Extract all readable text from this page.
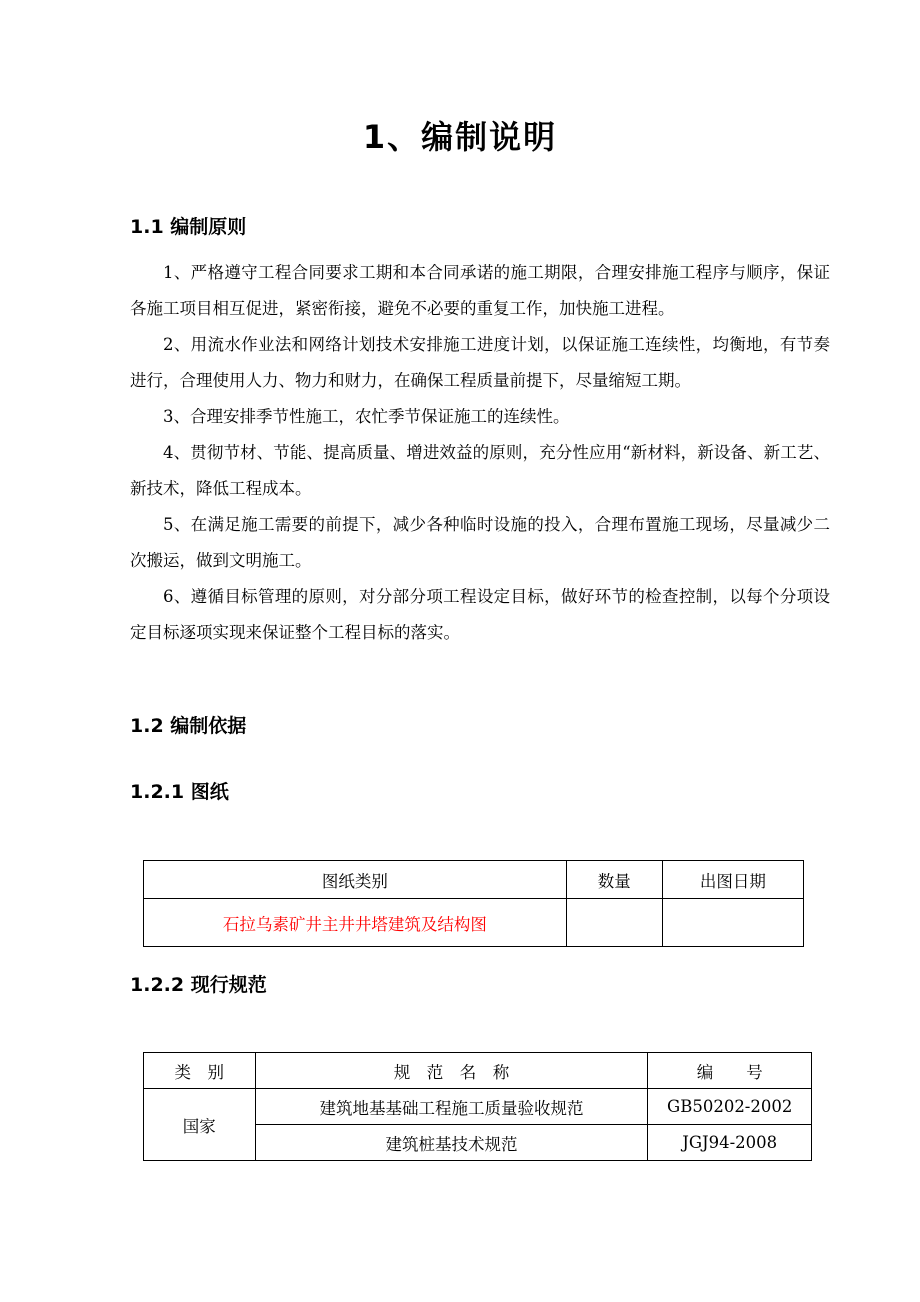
1、编制说明
1.1 编制原则

1、严格遵守工程合同要求工期和本合同承诺的施工期限，合理安排施工程序与顺序，保证各施工项目相互促进，紧密衔接，避免不必要的重复工作，加快施工进程。

2、用流水作业法和网络计划技术安排施工进度计划，以保证施工连续性，均衡地，有节奏进行，合理使用人力、物力和财力，在确保工程质量前提下，尽量缩短工期。

3、合理安排季节性施工，农忙季节保证施工的连续性。

4、贯彻节材、节能、提高质量、增进效益的原则，充分性应用“新材料，新设备、新工艺、新技术，降低工程成本。

5、在满足施工需要的前提下，减少各种临时设施的投入，合理布置施工现场，尽量减少二次搬运，做到文明施工。

6、遵循目标管理的原则，对分部分项工程设定目标，做好环节的检查控制，以每个分项设定目标逐项实现来保证整个工程目标的落实。

1.2 编制依据
1.2.1 图纸
图纸类别	数量	出图日期
石拉乌素矿井主井井塔建筑及结构图		
1.2.2 现行规范
类　别	规　范　名　称	编　　号
国家	建筑地基基础工程施工质量验收规范	GB50202-2002
	建筑桩基技术规范	JGJ94-2008
